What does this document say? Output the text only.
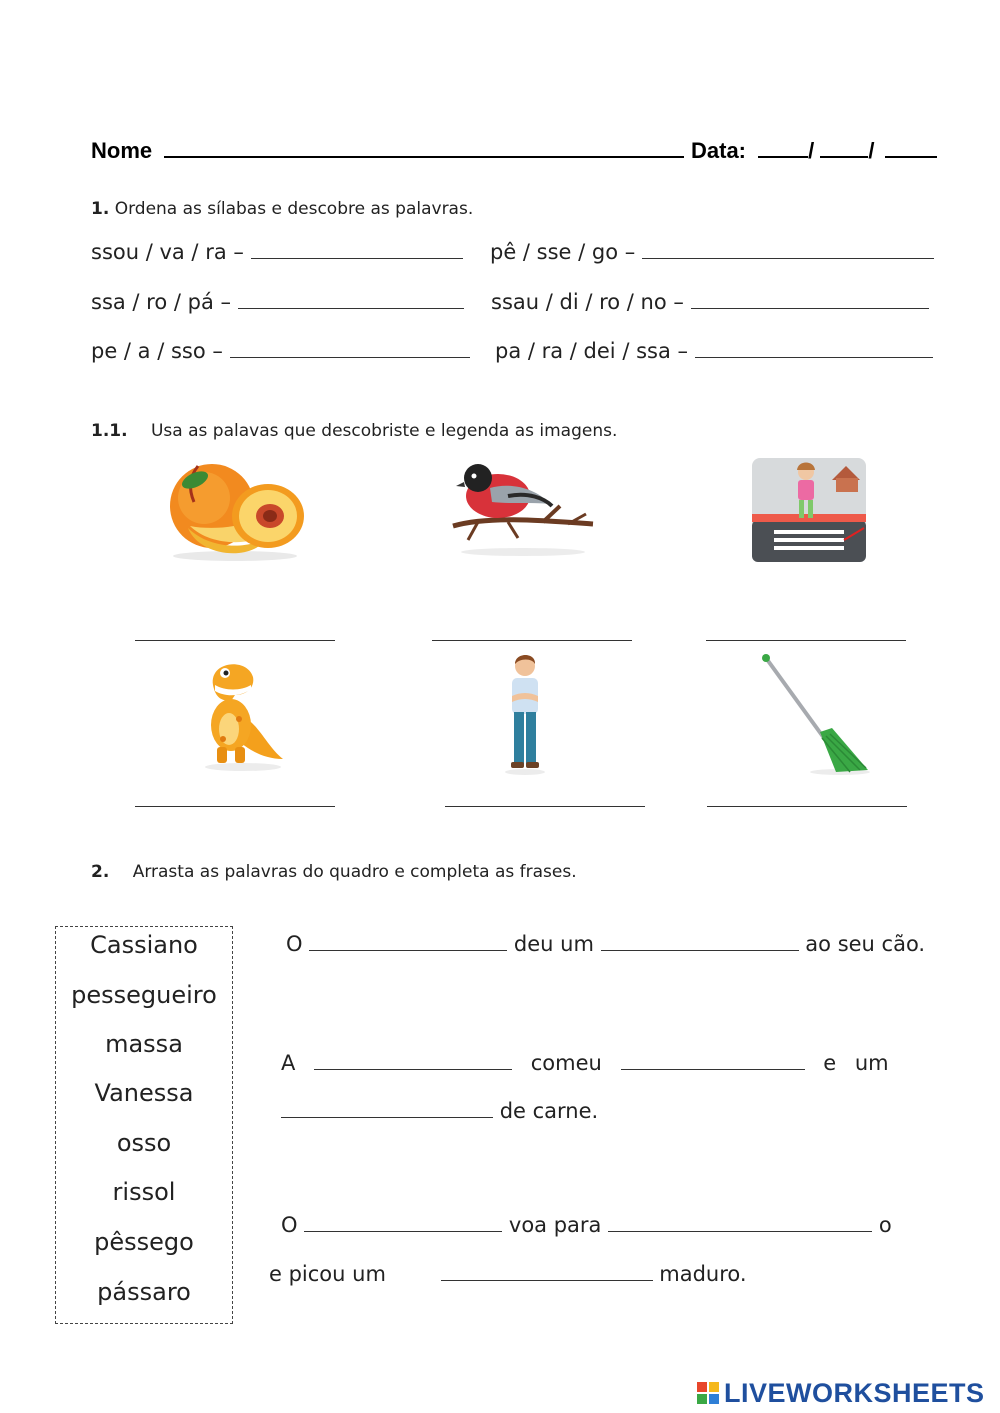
Nome	Data:	/ /
1. Ordena as sílabas e descobre as palavras.
ssou / va / ra –	pê / sse / go –
ssa / ro / pá –	ssau / di / ro / no –
pe / a / sso –	pa / ra / dei / ssa –
1.1. Usa as palavas que descobriste e legenda as imagens.
2. Arrasta as palavras do quadro e completa as frases.
Cassiano
pessegueiro
massa
Vanessa
osso
rissol
pêssego
pássaro
O	deu um	ao seu cão.
A	comeu	e um
de carne.
O	voa para	o
e picou um	maduro.
LIVEWORKSHEETS
